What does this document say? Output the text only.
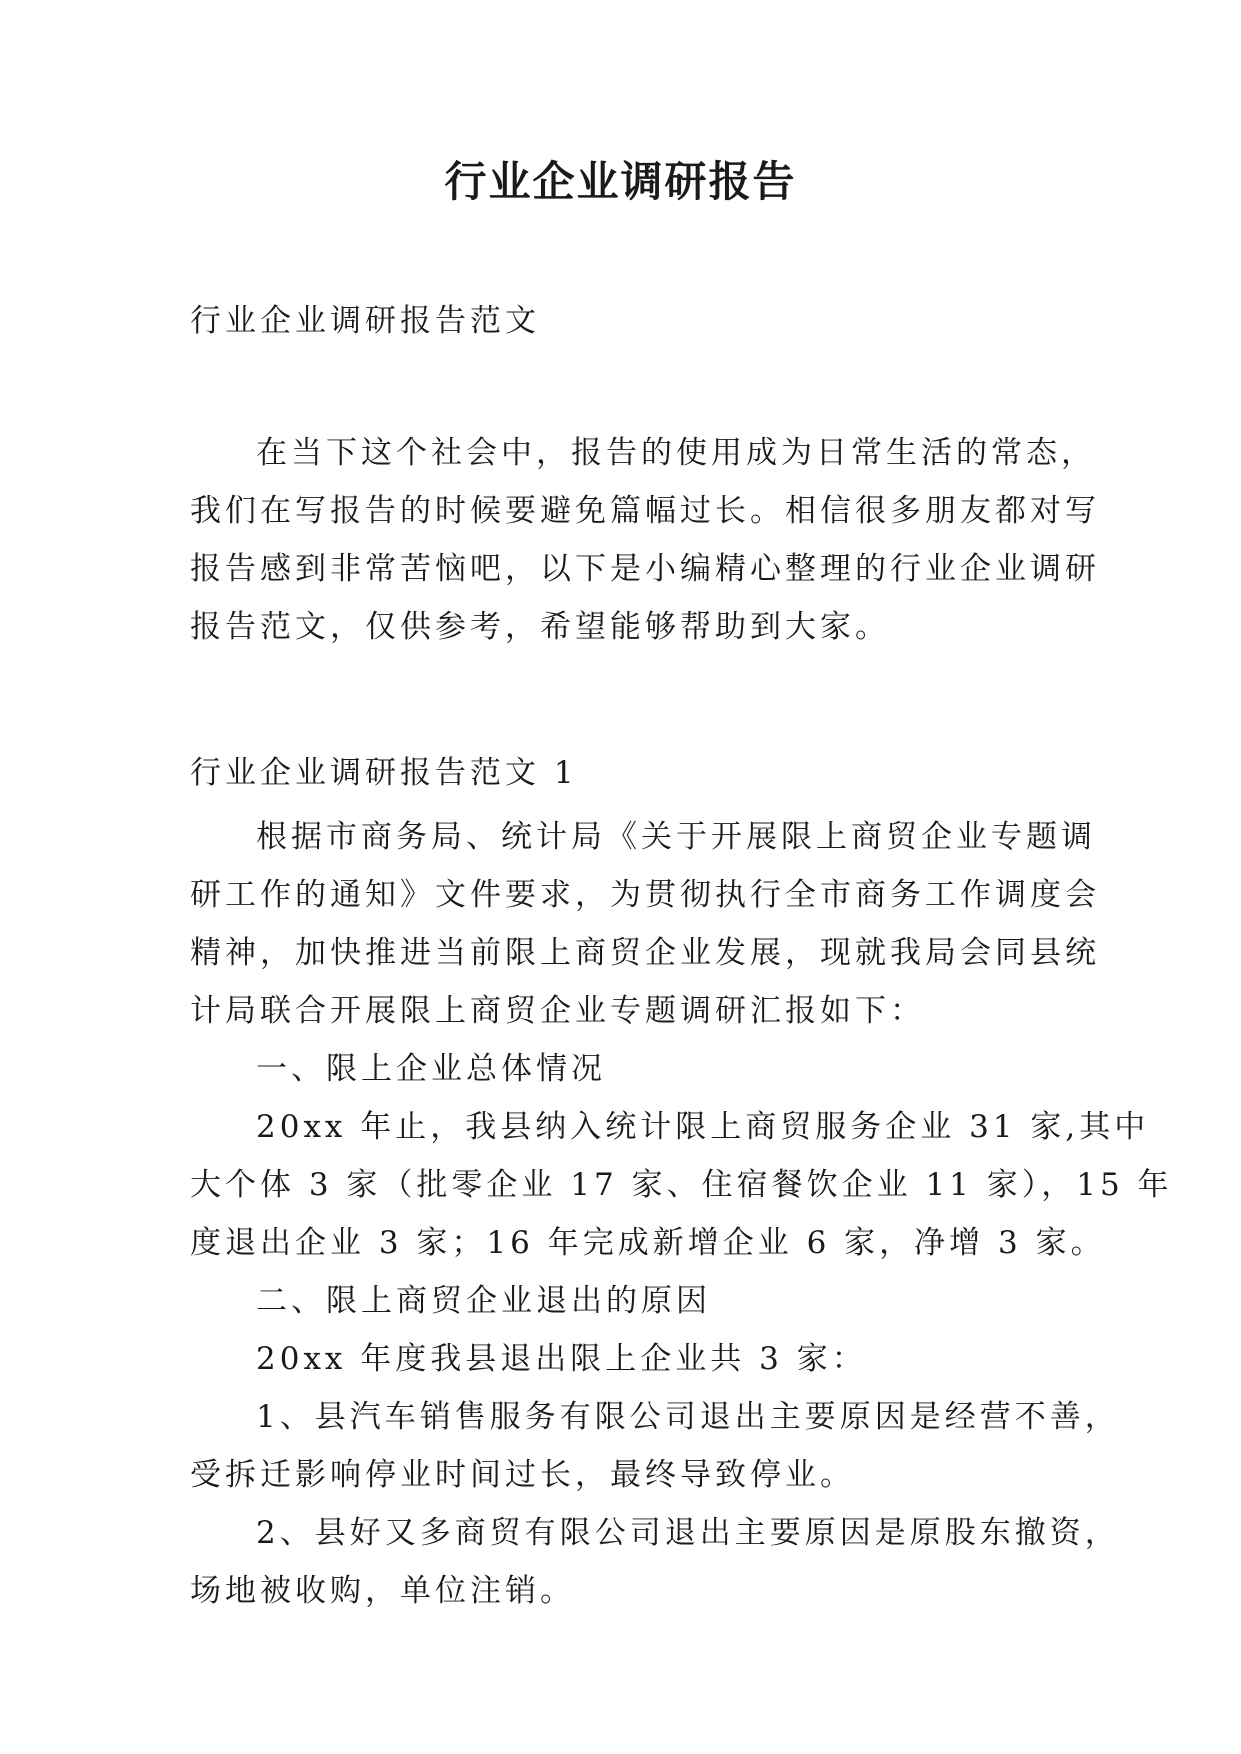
行业企业调研报告
行业企业调研报告范文
在当下这个社会中，报告的使用成为日常生活的常态，
我们在写报告的时候要避免篇幅过长。相信很多朋友都对写
报告感到非常苦恼吧，以下是小编精心整理的行业企业调研
报告范文，仅供参考，希望能够帮助到大家。
行业企业调研报告范文 1
根据市商务局、统计局《关于开展限上商贸企业专题调
研工作的通知》文件要求，为贯彻执行全市商务工作调度会
精神，加快推进当前限上商贸企业发展，现就我局会同县统
计局联合开展限上商贸企业专题调研汇报如下：
一、限上企业总体情况
20xx 年止，我县纳入统计限上商贸服务企业 31 家,其中
大个体 3 家（批零企业 17 家、住宿餐饮企业 11 家），15 年
度退出企业 3 家；16 年完成新增企业 6 家，净增 3 家。
二、限上商贸企业退出的原因
20xx 年度我县退出限上企业共 3 家：
1、县汽车销售服务有限公司退出主要原因是经营不善，
受拆迁影响停业时间过长，最终导致停业。
2、县好又多商贸有限公司退出主要原因是原股东撤资，
场地被收购，单位注销。
